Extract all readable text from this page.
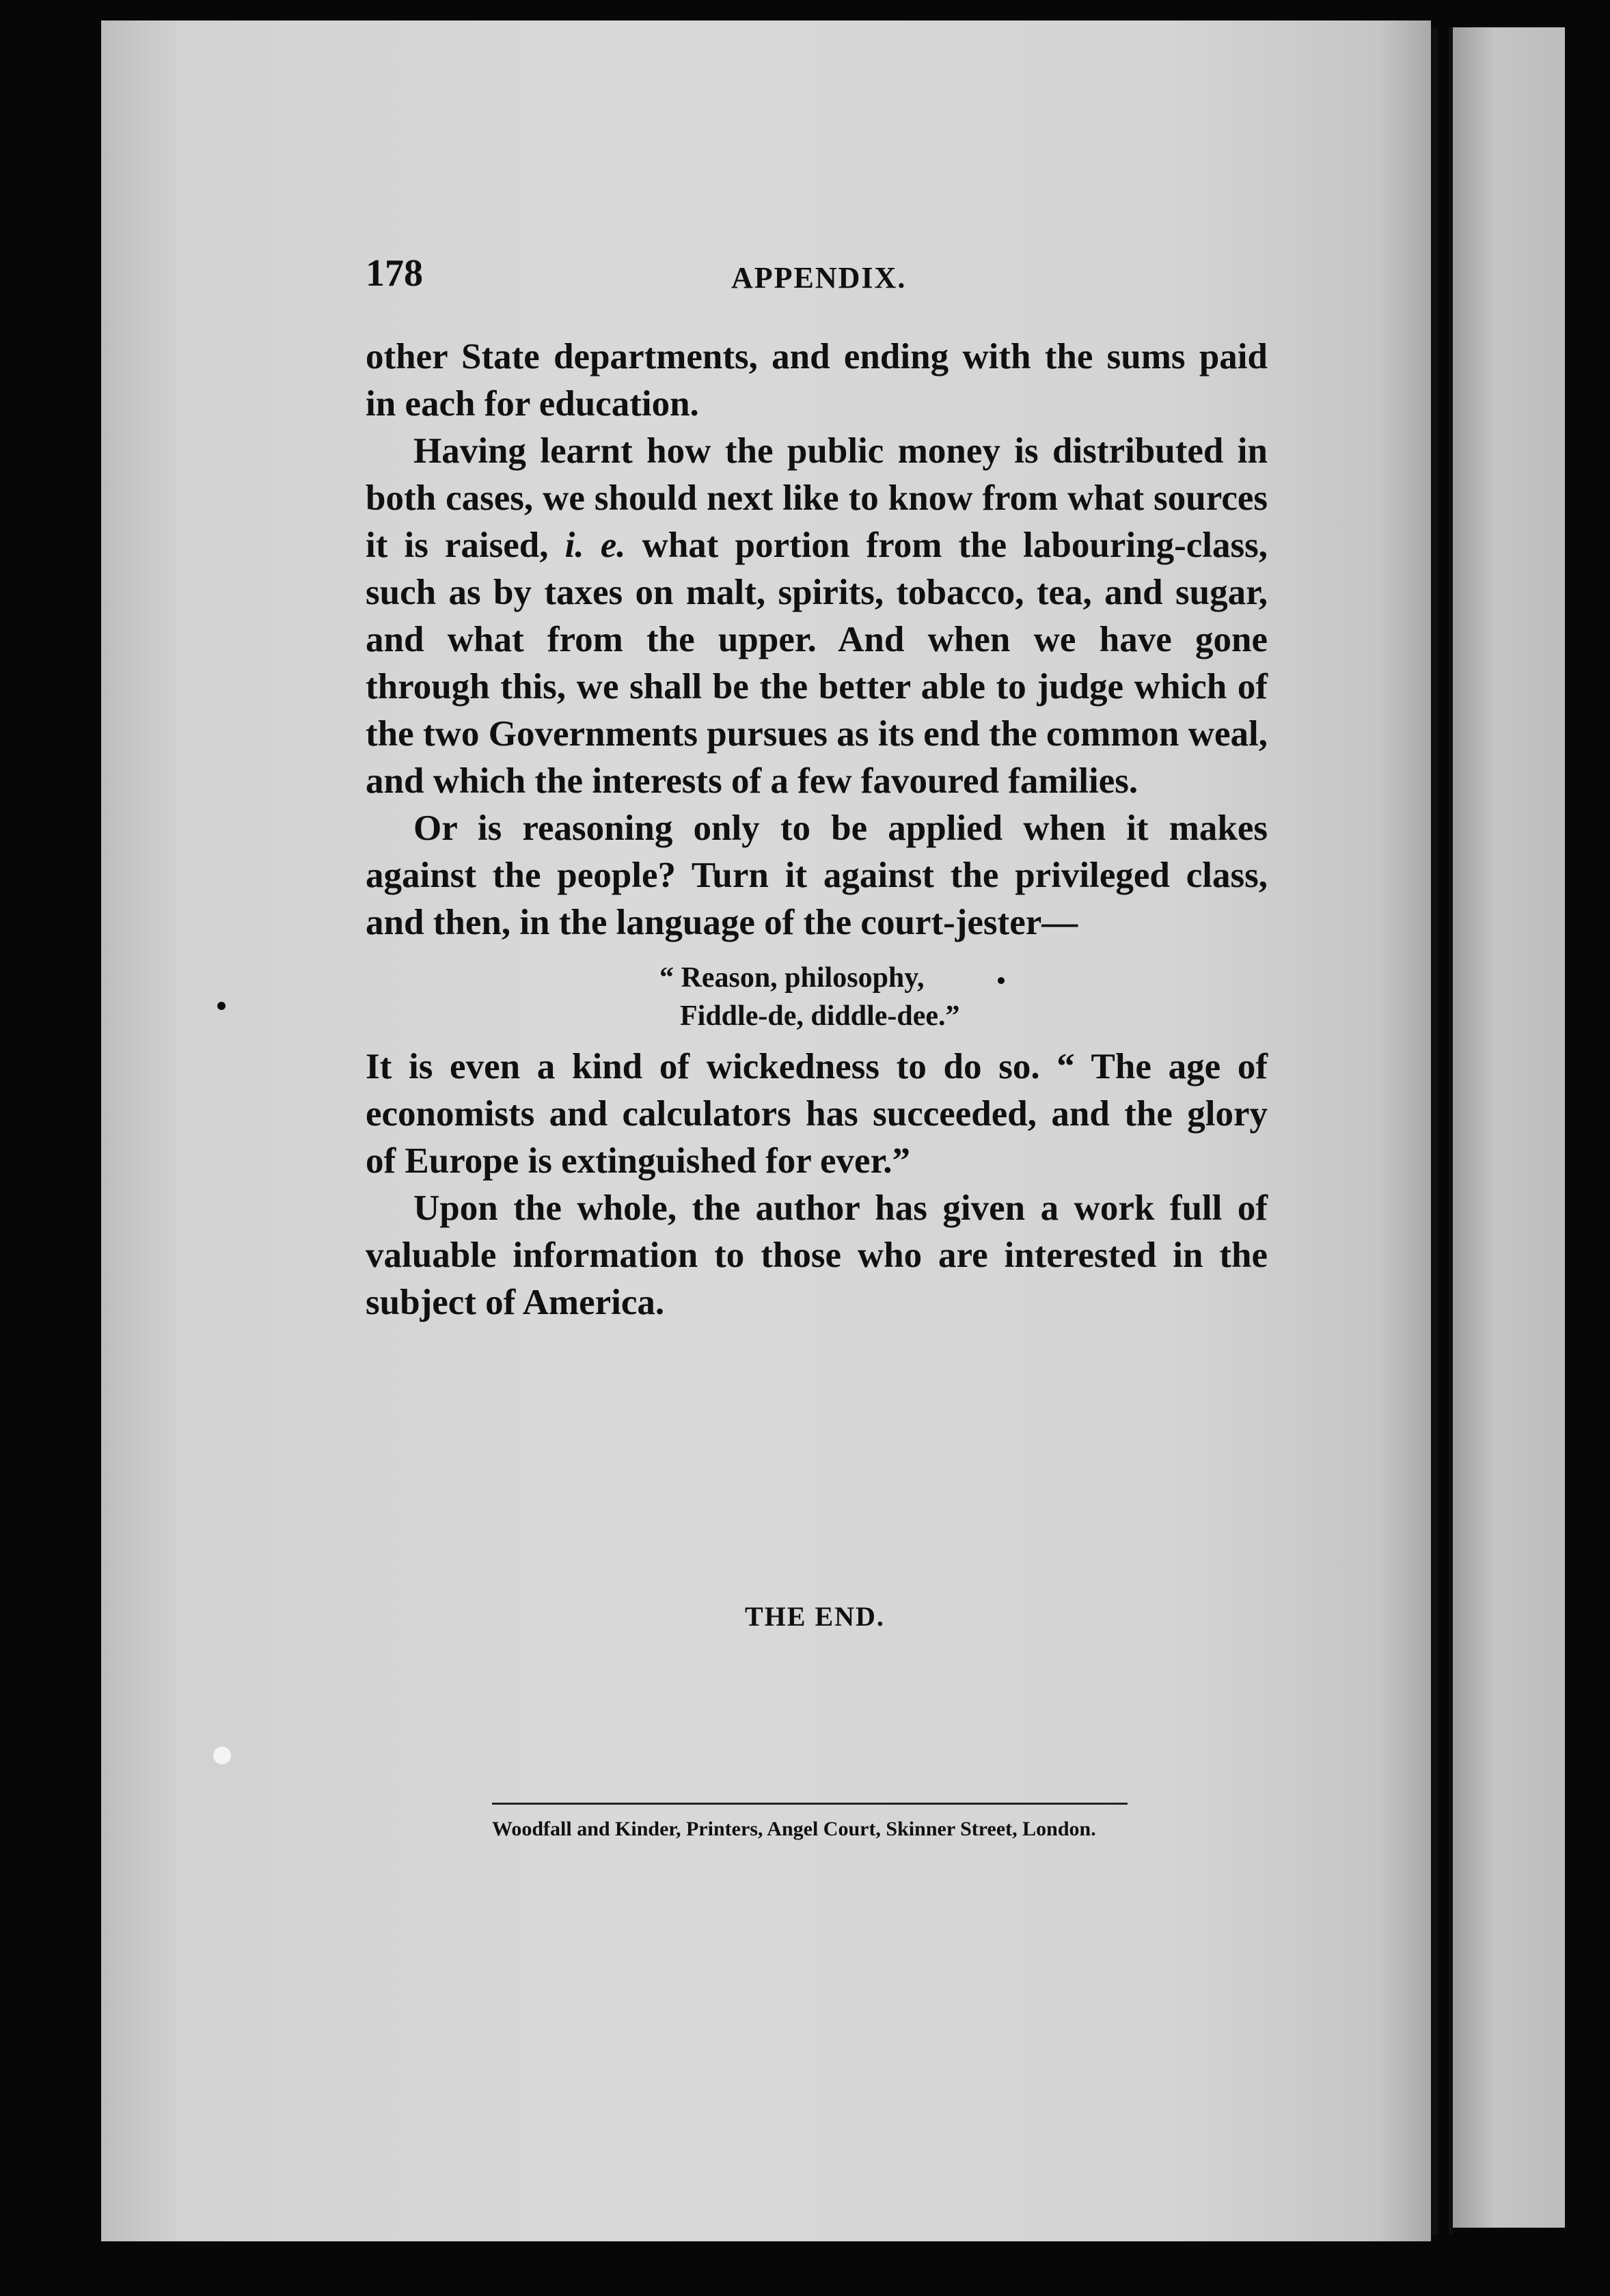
178	APPENDIX.

other State departments, and ending with the sums paid in each for education.

Having learnt how the public money is distributed in both cases, we should next like to know from what sources it is raised, i. e. what portion from the labouring-class, such as by taxes on malt, spirits, tobacco, tea, and sugar, and what from the upper. And when we have gone through this, we shall be the better able to judge which of the two Governments pursues as its end the common weal, and which the interests of a few favoured families.

Or is reasoning only to be applied when it makes against the people? Turn it against the privileged class, and then, in the language of the court-jester—

“ Reason, philosophy,
Fiddle-de, diddle-dee.”

It is even a kind of wickedness to do so. “ The age of economists and calculators has succeeded, and the glory of Europe is extinguished for ever.”

Upon the whole, the author has given a work full of valuable information to those who are interested in the subject of America.

THE END.
Woodfall and Kinder, Printers, Angel Court, Skinner Street, London.
